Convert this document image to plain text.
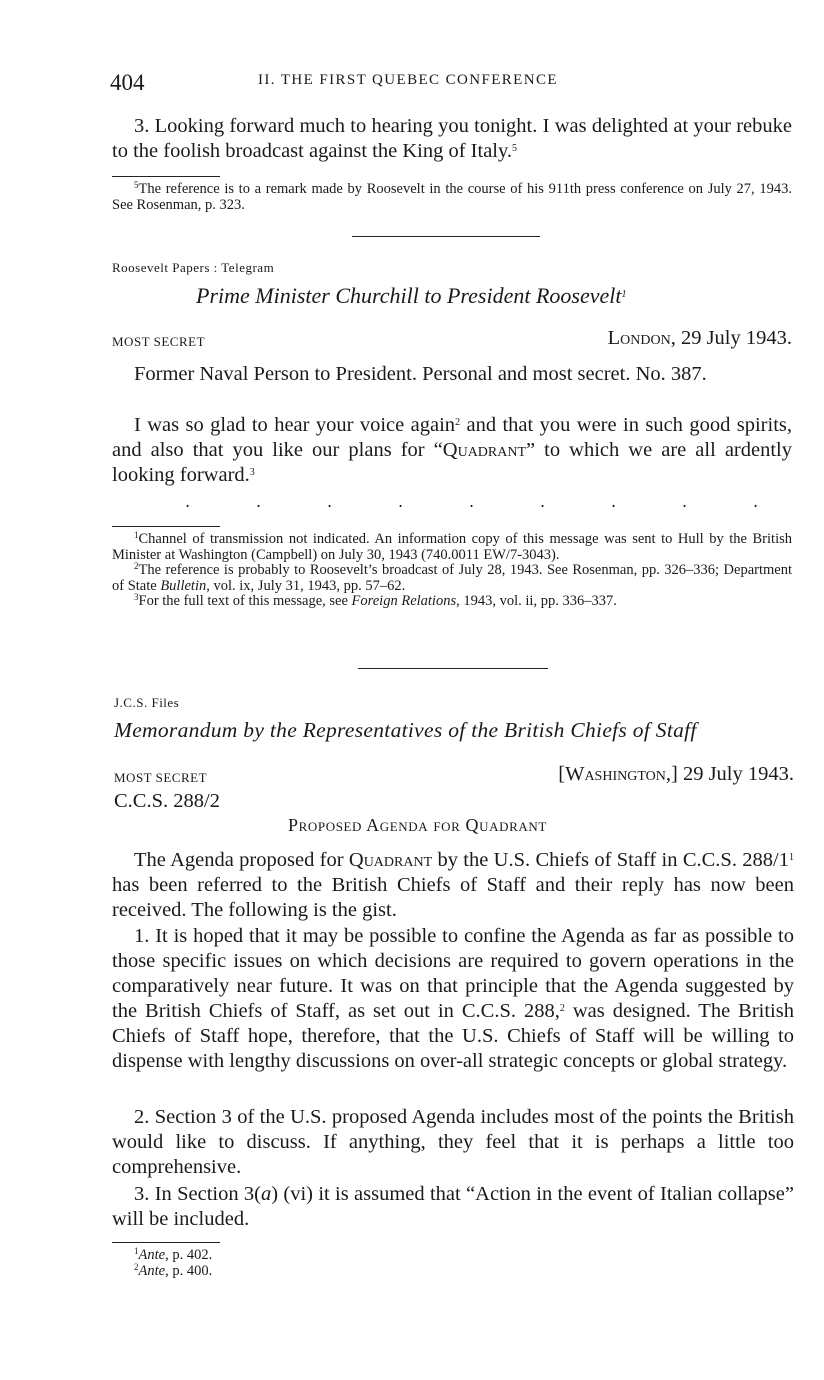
404	II. THE FIRST QUEBEC CONFERENCE

3. Looking forward much to hearing you tonight. I was delighted at your rebuke to the foolish broadcast against the King of Italy.$^5$

$^5$The reference is to a remark made by Roosevelt in the course of his 911th press conference on July 27, 1943. See Rosenman, p. 323.

Roosevelt Papers : Telegram
Prime Minister Churchill to President Roosevelt$^1$
MOST SECRET	London, 29 July 1943.

Former Naval Person to President. Personal and most secret. No. 387.

I was so glad to hear your voice again$^2$ and that you were in such good spirits, and also that you like our plans for “Quadrant” to which we are all ardently looking forward.$^3$

.	.	.	.	.	.	.	.	.

$^1$Channel of transmission not indicated. An information copy of this message was sent to Hull by the British Minister at Washington (Campbell) on July 30, 1943 (740.0011 EW/7-3043).

$^2$The reference is probably to Roosevelt’s broadcast of July 28, 1943. See Rosenman, pp. 326–336; Department of State Bulletin, vol. ix, July 31, 1943, pp. 57–62.

$^3$For the full text of this message, see Foreign Relations, 1943, vol. ii, pp. 336–337.

J.C.S. Files
Memorandum by the Representatives of the British Chiefs of Staff
MOST SECRET	[Washington,] 29 July 1943.
C.C.S. 288/2
Proposed Agenda for Quadrant

The Agenda proposed for Quadrant by the U.S. Chiefs of Staff in C.C.S. $288/1^1$ has been referred to the British Chiefs of Staff and their reply has now been received. The following is the gist.

1. It is hoped that it may be possible to confine the Agenda as far as possible to those specific issues on which decisions are required to govern operations in the comparatively near future. It was on that principle that the Agenda suggested by the British Chiefs of Staff, as set out in C.C.S. 288,$^2$ was designed. The British Chiefs of Staff hope, therefore, that the U.S. Chiefs of Staff will be willing to dispense with lengthy discussions on over-all strategic concepts or global strategy.

2. Section 3 of the U.S. proposed Agenda includes most of the points the British would like to discuss. If anything, they feel that it is perhaps a little too comprehensive.

3. In Section 3(a) (vi) it is assumed that “Action in the event of Italian collapse” will be included.

$^1$Ante, p. 402.

$^2$Ante, p. 400.
